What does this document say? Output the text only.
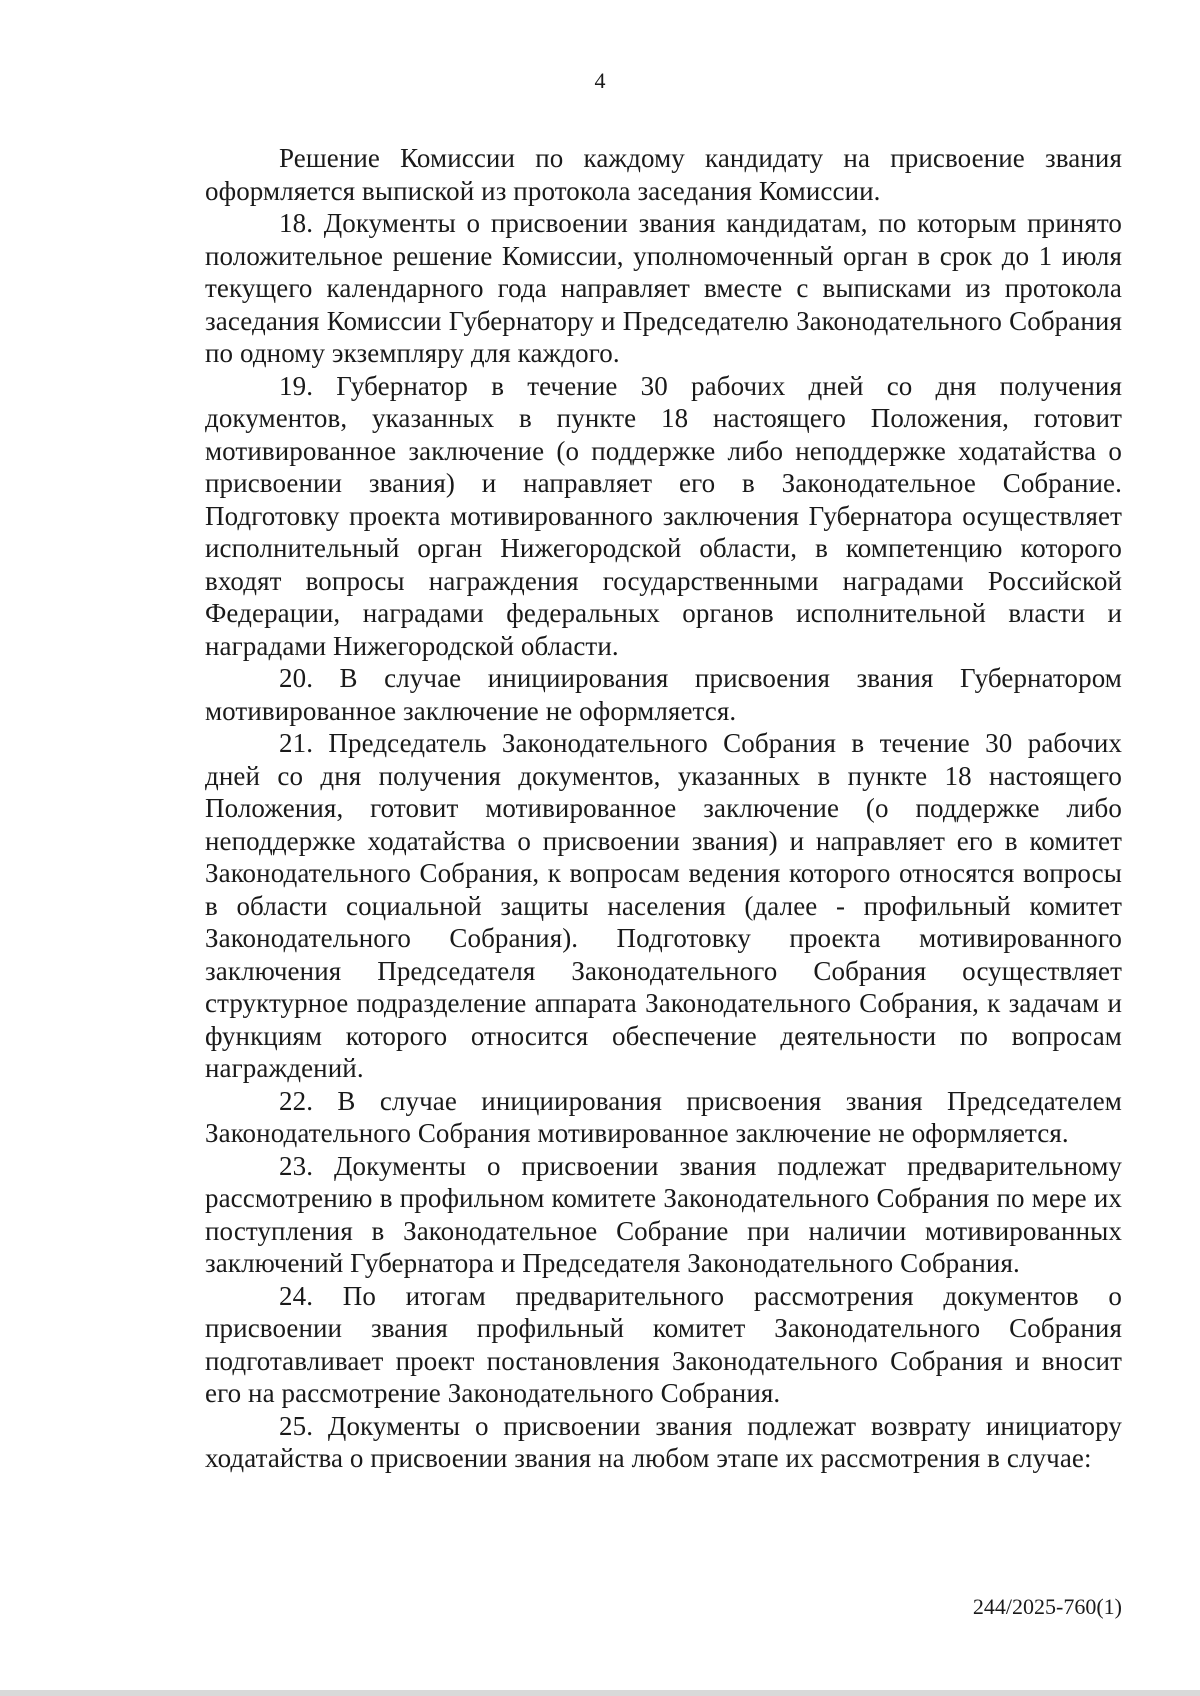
4

Решение Комиссии по каждому кандидату на присвоение звания оформляется выпиской из протокола заседания Комиссии.

18. Документы о присвоении звания кандидатам, по которым принято положительное решение Комиссии, уполномоченный орган в срок до 1 июля текущего календарного года направляет вместе с выписками из протокола заседания Комиссии Губернатору и Председателю Законодательного Собрания по одному экземпляру для каждого.

19. Губернатор в течение 30 рабочих дней со дня получения документов, указанных в пункте 18 настоящего Положения, готовит мотивированное заключение (о поддержке либо неподдержке ходатайства о присвоении звания) и направляет его в Законодательное Собрание. Подготовку проекта мотивированного заключения Губернатора осуществляет исполнительный орган Нижегородской области, в компетенцию которого входят вопросы награждения государственными наградами Российской Федерации, наградами федеральных органов исполнительной власти и наградами Нижегородской области.

20. В случае инициирования присвоения звания Губернатором мотивированное заключение не оформляется.

21. Председатель Законодательного Собрания в течение 30 рабочих дней со дня получения документов, указанных в пункте 18 настоящего Положения, готовит мотивированное заключение (о поддержке либо неподдержке ходатайства о присвоении звания) и направляет его в комитет Законодательного Собрания, к вопросам ведения которого относятся вопросы в области социальной защиты населения (далее - профильный комитет Законодательного Собрания). Подготовку проекта мотивированного заключения Председателя Законодательного Собрания осуществляет структурное подразделение аппарата Законодательного Собрания, к задачам и функциям которого относится обеспечение деятельности по вопросам награждений.

22. В случае инициирования присвоения звания Председателем Законодательного Собрания мотивированное заключение не оформляется.

23. Документы о присвоении звания подлежат предварительному рассмотрению в профильном комитете Законодательного Собрания по мере их поступления в Законодательное Собрание при наличии мотивированных заключений Губернатора и Председателя Законодательного Собрания.

24. По итогам предварительного рассмотрения документов о присвоении звания профильный комитет Законодательного Собрания подготавливает проект постановления Законодательного Собрания и вносит его на рассмотрение Законодательного Собрания.

25. Документы о присвоении звания подлежат возврату инициатору ходатайства о присвоении звания на любом этапе их рассмотрения в случае:

244/2025-760(1)
